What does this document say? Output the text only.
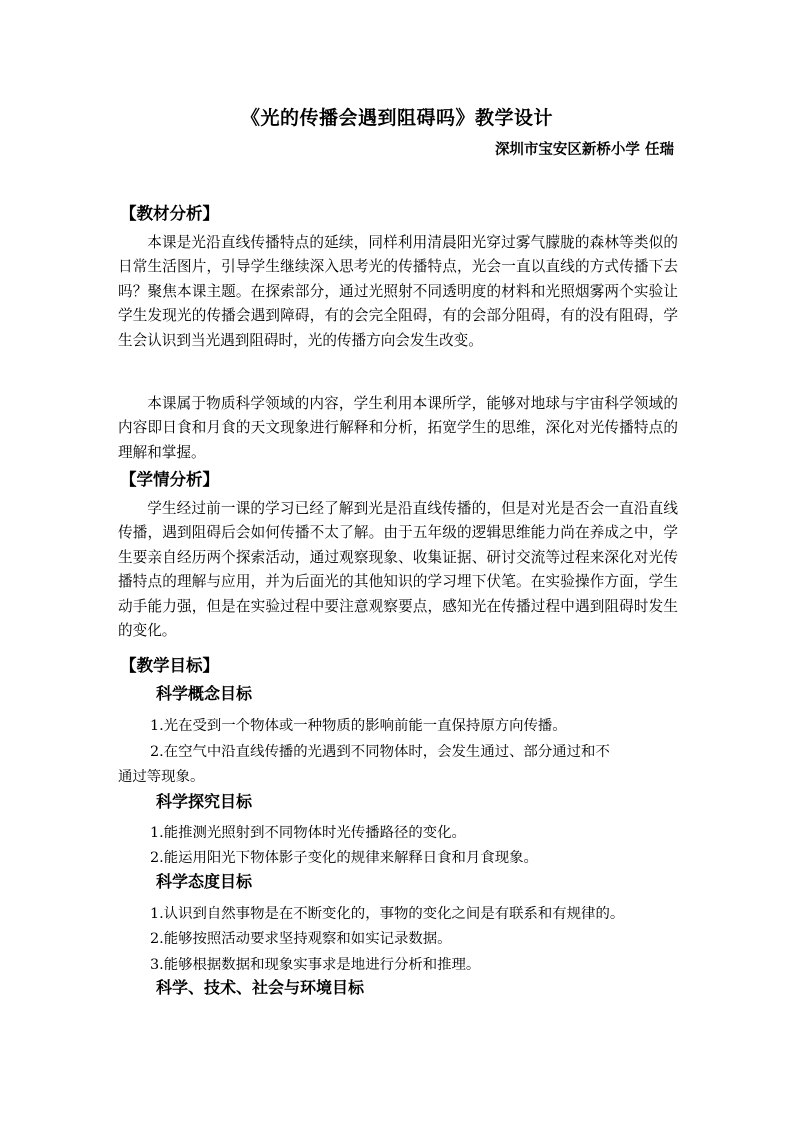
《光的传播会遇到阻碍吗》教学设计
深圳市宝安区新桥小学 任瑞
【教材分析】

本课是光沿直线传播特点的延续，同样利用清晨阳光穿过雾气朦胧的森林等类似的日常生活图片，引导学生继续深入思考光的传播特点，光会一直以直线的方式传播下去吗？聚焦本课主题。在探索部分，通过光照射不同透明度的材料和光照烟雾两个实验让学生发现光的传播会遇到障碍，有的会完全阻碍，有的会部分阻碍，有的没有阻碍，学生会认识到当光遇到阻碍时，光的传播方向会发生改变。

本课属于物质科学领域的内容，学生利用本课所学，能够对地球与宇宙科学领域的内容即日食和月食的天文现象进行解释和分析，拓宽学生的思维，深化对光传播特点的理解和掌握。

【学情分析】

学生经过前一课的学习已经了解到光是沿直线传播的，但是对光是否会一直沿直线传播，遇到阻碍后会如何传播不太了解。由于五年级的逻辑思维能力尚在养成之中，学生要亲自经历两个探索活动，通过观察现象、收集证据、研讨交流等过程来深化对光传播特点的理解与应用，并为后面光的其他知识的学习埋下伏笔。在实验操作方面，学生动手能力强，但是在实验过程中要注意观察要点，感知光在传播过程中遇到阻碍时发生的变化。

【教学目标】
科学概念目标
1.光在受到一个物体或一种物质的影响前能一直保持原方向传播。
2.在空气中沿直线传播的光遇到不同物体时，会发生通过、部分通过和不
通过等现象。
科学探究目标
1.能推测光照射到不同物体时光传播路径的变化。
2.能运用阳光下物体影子变化的规律来解释日食和月食现象。
科学态度目标
1.认识到自然事物是在不断变化的，事物的变化之间是有联系和有规律的。
2.能够按照活动要求坚持观察和如实记录数据。
3.能够根据数据和现象实事求是地进行分析和推理。
科学、技术、社会与环境目标
